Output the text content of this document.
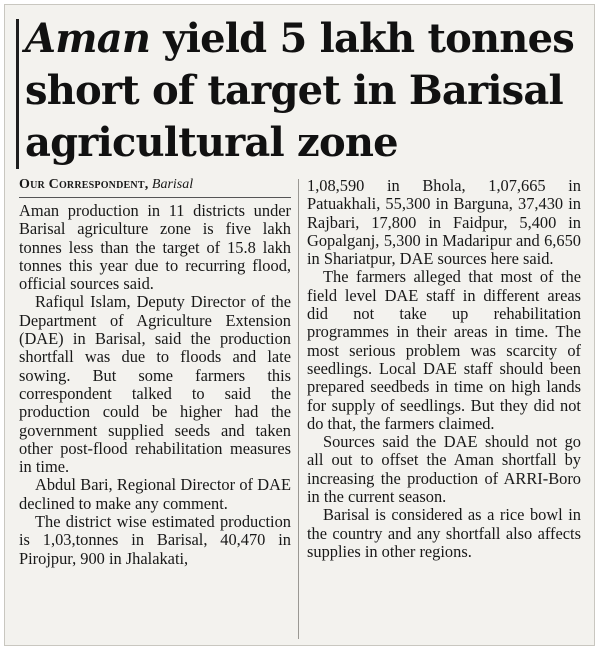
Aman yield 5 lakh tonnes
short of target in Barisal
agricultural zone

Our Correspondent, Barisal

Aman production in 11 districts under Barisal agriculture zone is five lakh tonnes less than the target of 15.8 lakh tonnes this year due to recurring flood, official sources said.

Rafiqul Islam, Deputy Director of the Department of Agriculture Extension (DAE) in Barisal, said the production shortfall was due to floods and late sowing. But some farmers this correspondent talked to said the production could be higher had the government supplied seeds and taken other post-flood rehabilitation measures in time.

Abdul Bari, Regional Director of DAE declined to make any comment.

The district wise estimated production is 1,03,tonnes in Barisal, 40,470 in Pirojpur, 900 in Jhalakati,

1,08,590 in Bhola, 1,07,665 in Patuakhali, 55,300 in Barguna, 37,430 in Rajbari, 17,800 in Faidpur, 5,400 in Gopalganj, 5,300 in Madaripur and 6,650 in Shariatpur, DAE sources here said.

The farmers alleged that most of the field level DAE staff in different areas did not take up rehabilitation programmes in their areas in time. The most serious problem was scarcity of seedlings. Local DAE staff should been prepared seedbeds in time on high lands for supply of seedlings. But they did not do that, the farmers claimed.

Sources said the DAE should not go all out to offset the Aman shortfall by increasing the production of ARRI-Boro in the current season.

Barisal is considered as a rice bowl in the country and any shortfall also affects supplies in other regions.
